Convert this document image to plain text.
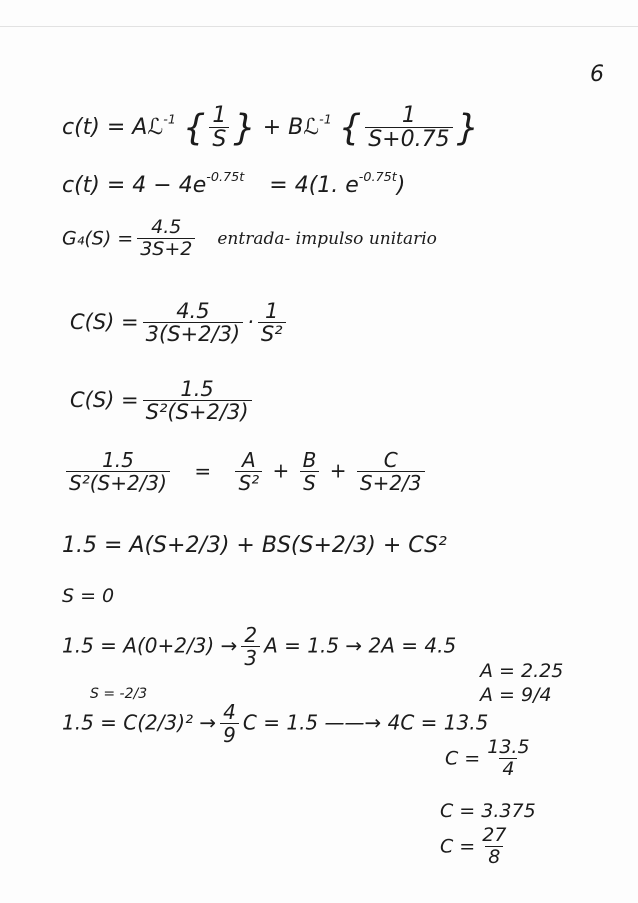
6
c(t) = Aℒ$^{-1}$ { $\frac{1}{S}$ } + Bℒ$^{-1}$ { $\frac{1}{S+0.75}$ }
$c(t) = 4 - 4e^{-0.75t} = 4(1$. $e^{-0.75t}$)
$G_4(S) = \frac{4.5}{3S+2}$ entrada- impulso unitario
$C(S) = \frac{4.5}{3(S+2/3)} \cdot \frac{1}{\text{S²}}$
$C(S) = \frac{1.5}{\text{S²(S+2/3)}}$
$\frac{1.5}{\text{S²(S+2/3)}} = \frac{A}{\text{S²}} + \frac{B}{S} + \frac{C}{S+2/3}$
1.5 = A(S+2/3) + BS(S+2/3) + CS²
S = 0
$1.5 = A(0+2/3) \to \frac{2}{3}$ A = 1.5 → 2A = 4.5
A = 2.25
S = -2/3	A = 9/4
$1.5 = C(2/3)^2 \to \frac{4}{9}$ C = 1.5 ——→ 4C = 13.5
$C = \frac{13.5}{4}$
C = 3.375
$C = \frac{27}{8}$
